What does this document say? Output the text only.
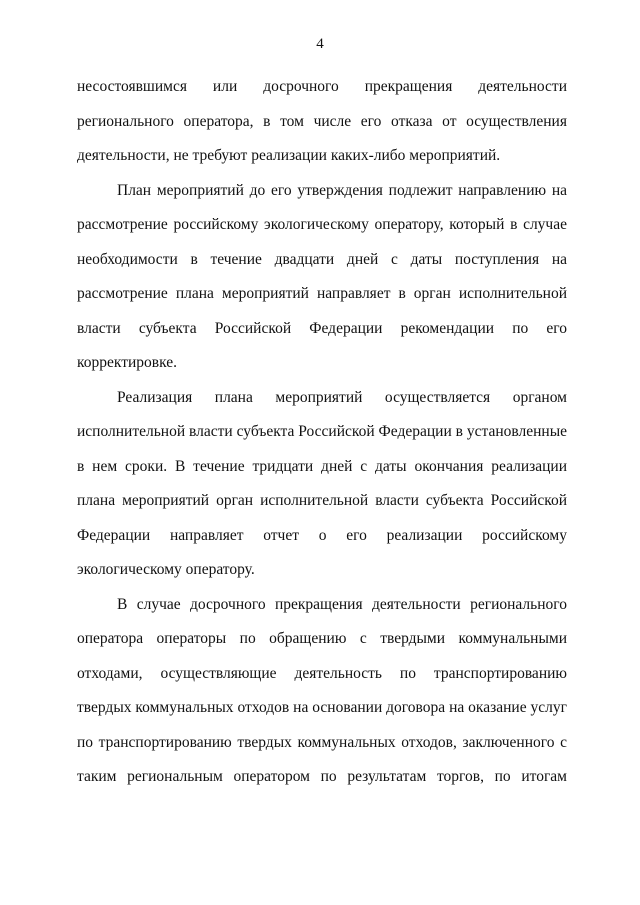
4

несостоявшимся или досрочного прекращения деятельности регионального оператора, в том числе его отказа от осуществления деятельности, не требуют реализации каких-либо мероприятий.

План мероприятий до его утверждения подлежит направлению на рассмотрение российскому экологическому оператору, который в случае необходимости в течение двадцати дней с даты поступления на рассмотрение плана мероприятий направляет в орган исполнительной власти субъекта Российской Федерации рекомендации по его корректировке.

Реализация плана мероприятий осуществляется органом исполнительной власти субъекта Российской Федерации в установленные в нем сроки. В течение тридцати дней с даты окончания реализации плана мероприятий орган исполнительной власти субъекта Российской Федерации направляет отчет о его реализации российскому экологическому оператору.

В случае досрочного прекращения деятельности регионального оператора операторы по обращению с твердыми коммунальными отходами, осуществляющие деятельность по транспортированию твердых коммунальных отходов на основании договора на оказание услуг по транспортированию твердых коммунальных отходов, заключенного с таким региональным оператором по результатам торгов, по итогам
